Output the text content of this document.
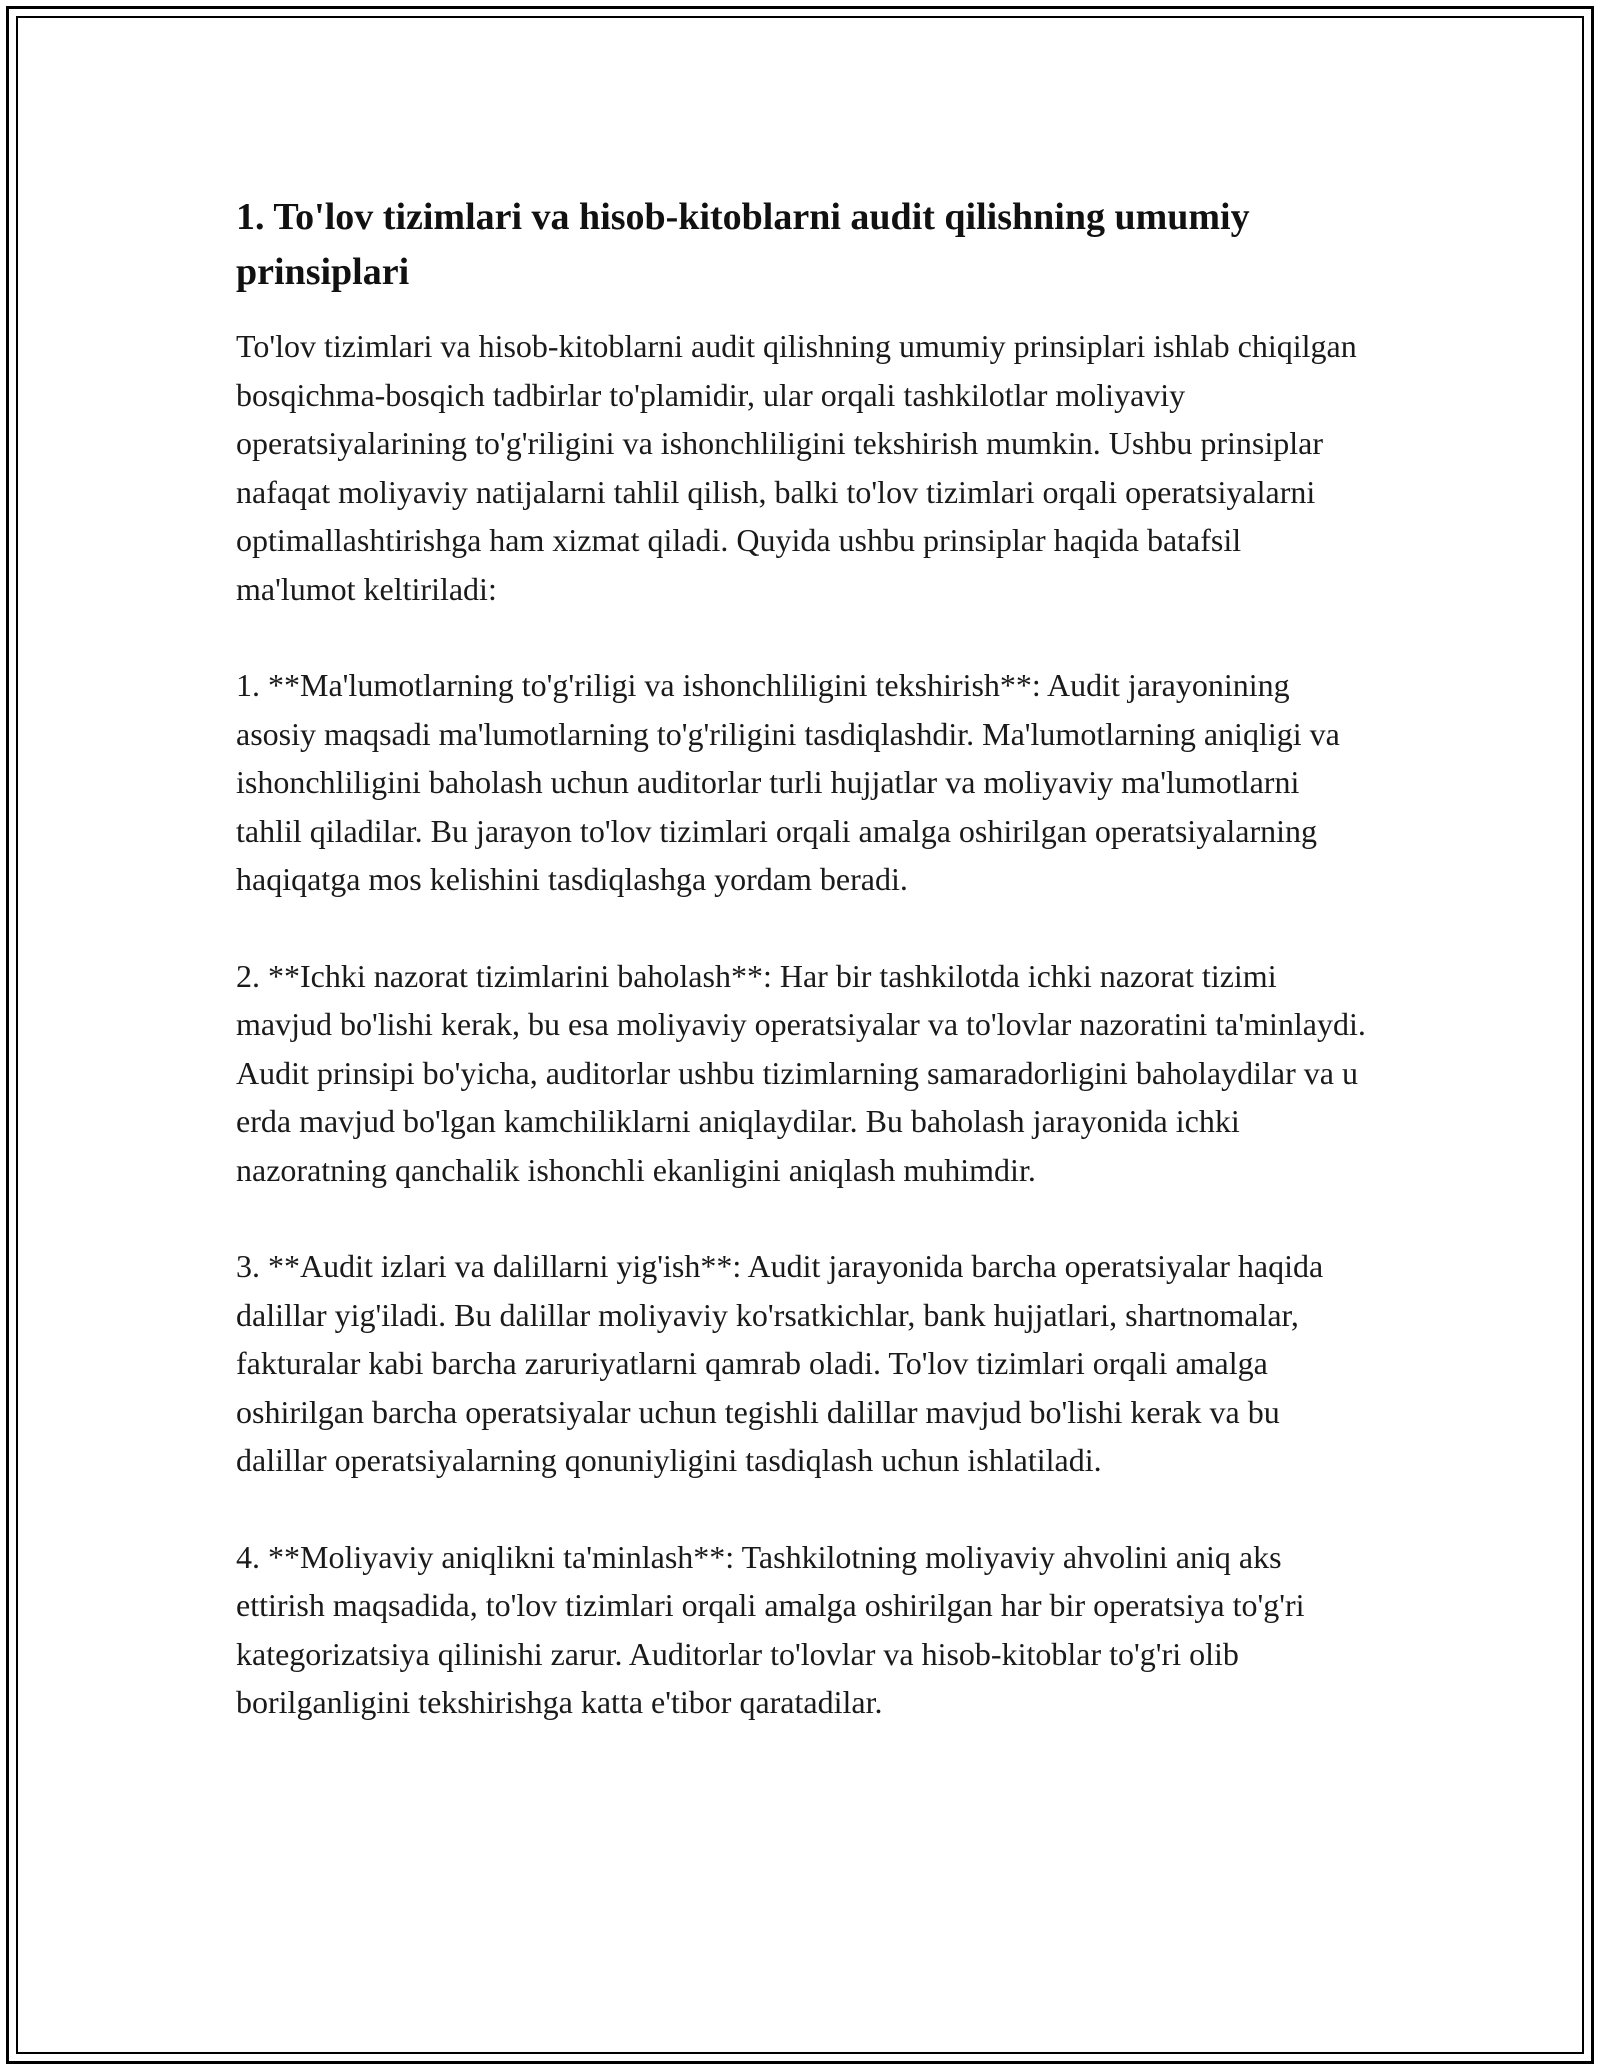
1. To'lov tizimlari va hisob-kitoblarni audit qilishning umumiy prinsiplari

To'lov tizimlari va hisob-kitoblarni audit qilishning umumiy prinsiplari ishlab chiqilgan bosqichma-bosqich tadbirlar to'plamidir, ular orqali tashkilotlar moliyaviy operatsiyalarining to'g'riligini va ishonchliligini tekshirish mumkin. Ushbu prinsiplar nafaqat moliyaviy natijalarni tahlil qilish, balki to'lov tizimlari orqali operatsiyalarni optimallashtirishga ham xizmat qiladi. Quyida ushbu prinsiplar haqida batafsil ma'lumot keltiriladi:

1. **Ma'lumotlarning to'g'riligi va ishonchliligini tekshirish**: Audit jarayonining asosiy maqsadi ma'lumotlarning to'g'riligini tasdiqlashdir. Ma'lumotlarning aniqligi va ishonchliligini baholash uchun auditorlar turli hujjatlar va moliyaviy ma'lumotlarni tahlil qiladilar. Bu jarayon to'lov tizimlari orqali amalga oshirilgan operatsiyalarning haqiqatga mos kelishini tasdiqlashga yordam beradi.

2. **Ichki nazorat tizimlarini baholash**: Har bir tashkilotda ichki nazorat tizimi mavjud bo'lishi kerak, bu esa moliyaviy operatsiyalar va to'lovlar nazoratini ta'minlaydi. Audit prinsipi bo'yicha, auditorlar ushbu tizimlarning samaradorligini baholaydilar va u erda mavjud bo'lgan kamchiliklarni aniqlaydilar. Bu baholash jarayonida ichki nazoratning qanchalik ishonchli ekanligini aniqlash muhimdir.

3. **Audit izlari va dalillarni yig'ish**: Audit jarayonida barcha operatsiyalar haqida dalillar yig'iladi. Bu dalillar moliyaviy ko'rsatkichlar, bank hujjatlari, shartnomalar, fakturalar kabi barcha zaruriyatlarni qamrab oladi. To'lov tizimlari orqali amalga oshirilgan barcha operatsiyalar uchun tegishli dalillar mavjud bo'lishi kerak va bu dalillar operatsiyalarning qonuniyligini tasdiqlash uchun ishlatiladi.

4. **Moliyaviy aniqlikni ta'minlash**: Tashkilotning moliyaviy ahvolini aniq aks ettirish maqsadida, to'lov tizimlari orqali amalga oshirilgan har bir operatsiya to'g'ri kategorizatsiya qilinishi zarur. Auditorlar to'lovlar va hisob-kitoblar to'g'ri olib borilganligini tekshirishga katta e'tibor qaratadilar.
